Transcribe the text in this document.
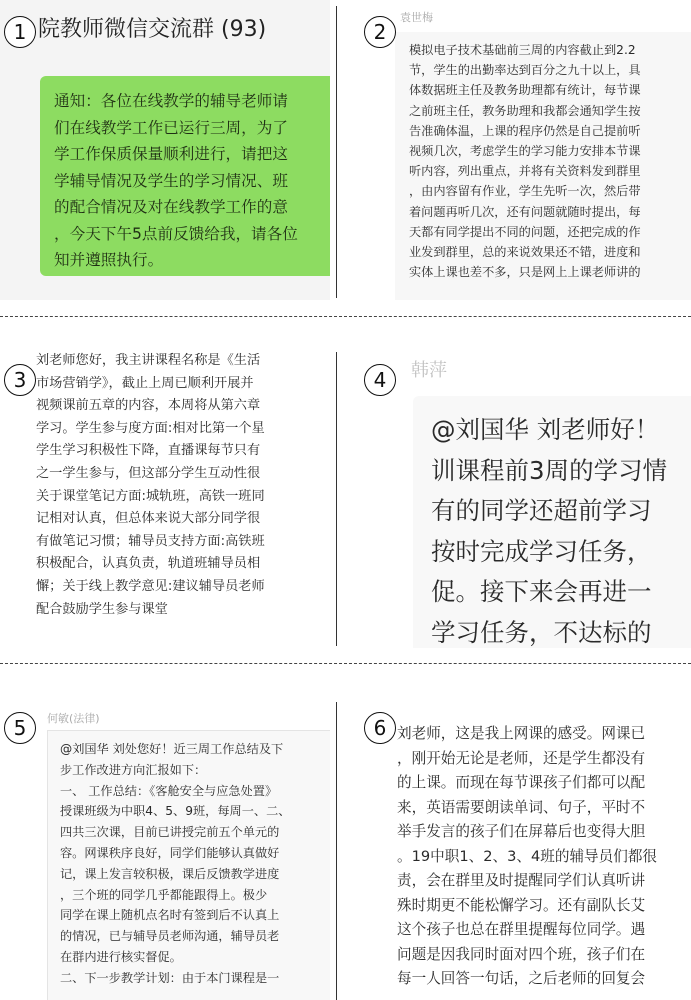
院教师微信交流群 (93)
通知：各位在线教学的辅导老师请
们在线教学工作已运行三周，为了
学工作保质保量顺利进行，请把这
学辅导情况及学生的学习情况、班
的配合情况及对在线教学工作的意
，今天下午5点前反馈给我，请各位
知并遵照执行。
袁世梅
模拟电子技术基础前三周的内容截止到2.2
节，学生的出勤率达到百分之九十以上，具
体数据班主任及教务助理都有统计，每节课
之前班主任，教务助理和我都会通知学生按
告准确体温，上课的程序仍然是自己提前听
视频几次，考虑学生的学习能力安排本节课
听内容，列出重点，并将有关资料发到群里
，由内容留有作业，学生先听一次，然后带
着问题再听几次，还有问题就随时提出，每
天都有同学提出不同的问题，还把完成的作
业发到群里，总的来说效果还不错，进度和
实体上课也差不多，只是网上上课老师讲的
刘老师您好，我主讲课程名称是《生活
市场营销学》，截止上周已顺利开展并
视频课前五章的内容，本周将从第六章
学习。学生参与度方面:相对比第一个星
学生学习积极性下降，直播课每节只有
之一学生参与，但这部分学生互动性很
关于课堂笔记方面:城轨班，高铁一班同
记相对认真，但总体来说大部分同学很
有做笔记习惯；辅导员支持方面:高铁班
积极配合，认真负责，轨道班辅导员相
懈；关于线上教学意见:建议辅导员老师
配合鼓励学生参与课堂
韩萍
@刘国华 刘老师好！
训课程前3周的学习情
有的同学还超前学习
按时完成学习任务，
促。接下来会再进一
学习任务，不达标的
何敏(法律)
@刘国华 刘处您好！近三周工作总结及下
步工作改进方向汇报如下：
一、 工作总结：《客舱安全与应急处置》
授课班级为中职4、5、9班，每周一、二、
四共三次课，目前已讲授完前五个单元的
容。网课秩序良好，同学们能够认真做好
记，课上发言较积极，课后反馈教学进度
，三个班的同学几乎都能跟得上。极少
同学在课上随机点名时有签到后不认真上
的情况，已与辅导员老师沟通，辅导员老
在群内进行核实督促。
二、下一步教学计划：由于本门课程是一
刘老师，这是我上网课的感受。网课已
，刚开始无论是老师，还是学生都没有
的上课。而现在每节课孩子们都可以配
来，英语需要朗读单词、句子，平时不
举手发言的孩子们在屏幕后也变得大胆
。19中职1、2、3、4班的辅导员们都很
责，会在群里及时提醒同学们认真听讲
殊时期更不能松懈学习。还有副队长艾
这个孩子也总在群里提醒每位同学。遇
问题是因我同时面对四个班，孩子们在
每一人回答一句话，之后老师的回复会
1	2
3	4
5	6
